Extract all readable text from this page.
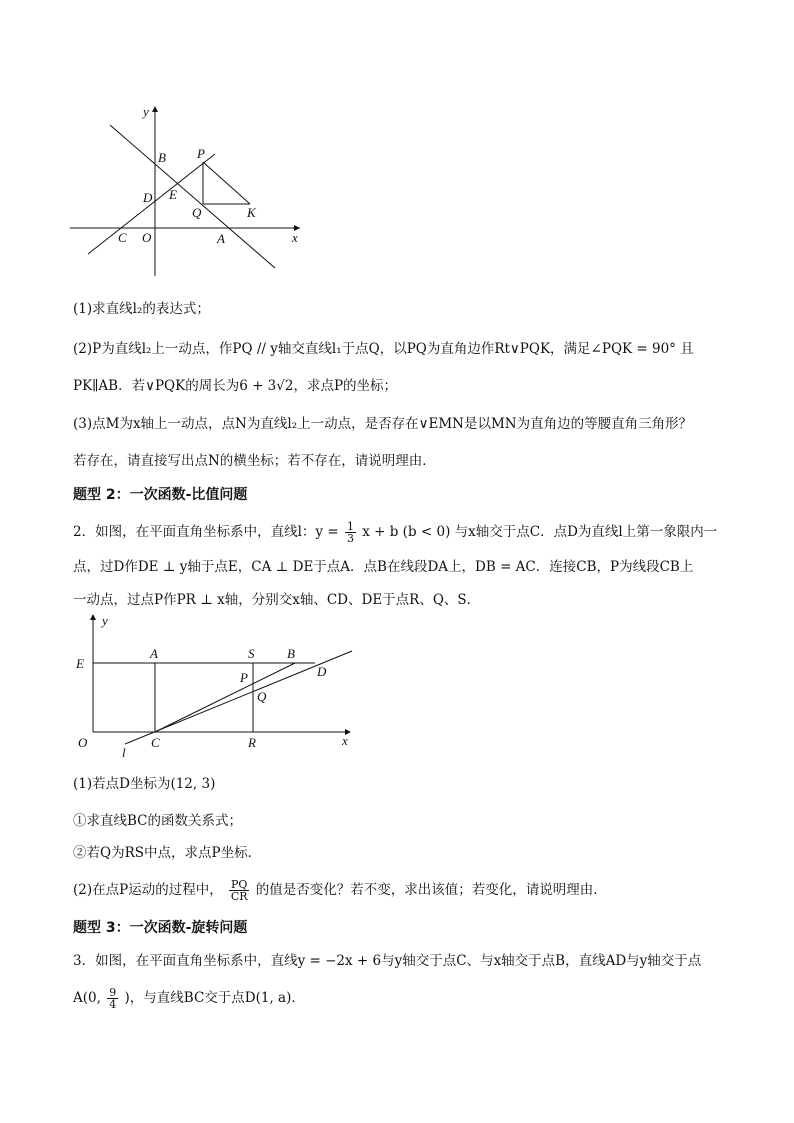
y
x
B P
D E
Q	K
C O	A
(1)求直线l₂的表达式；
(2)P为直线l₂上一动点，作PQ // y轴交直线l₁于点Q，以PQ为直角边作Rt∨PQK，满足∠PQK = 90° 且
PK∥AB．若∨PQK的周长为6 + 3√2，求点P的坐标；
(3)点M为x轴上一动点，点N为直线l₂上一动点，是否存在∨EMN是以MN为直角边的等腰直角三角形？
若存在，请直接写出点N的横坐标；若不存在，请说明理由．
题型 2：一次函数-比值问题
2．如图，在平面直角坐标系中，直线l：$y = \frac{1}{3}$ x + b (b < 0) 与x轴交于点C．点D为直线l上第一象限内一
点，过D作DE ⊥ y轴于点E，CA ⊥ DE于点A．点B在线段DA上，DB = AC．连接CB，P为线段CB上
一动点，过点P作PR ⊥ x轴，分别交x轴、CD、DE于点R、Q、S．
y
x
E
A	S	B
P	D
Q
O	C	R
l
(1)若点D坐标为(12, 3)
①求直线BC的函数关系式；
②若Q为RS中点，求点P坐标．
(2)在点P运动的过程中， $\frac{PQ}{CR}$ 的值是否变化？若不变，求出该值；若变化，请说明理由．
题型 3：一次函数-旋转问题
3．如图，在平面直角坐标系中，直线y = −2x + 6与y轴交于点C、与x轴交于点B，直线AD与y轴交于点
A(0, $\frac{9}{4}$ )，与直线BC交于点D(1, a)．
